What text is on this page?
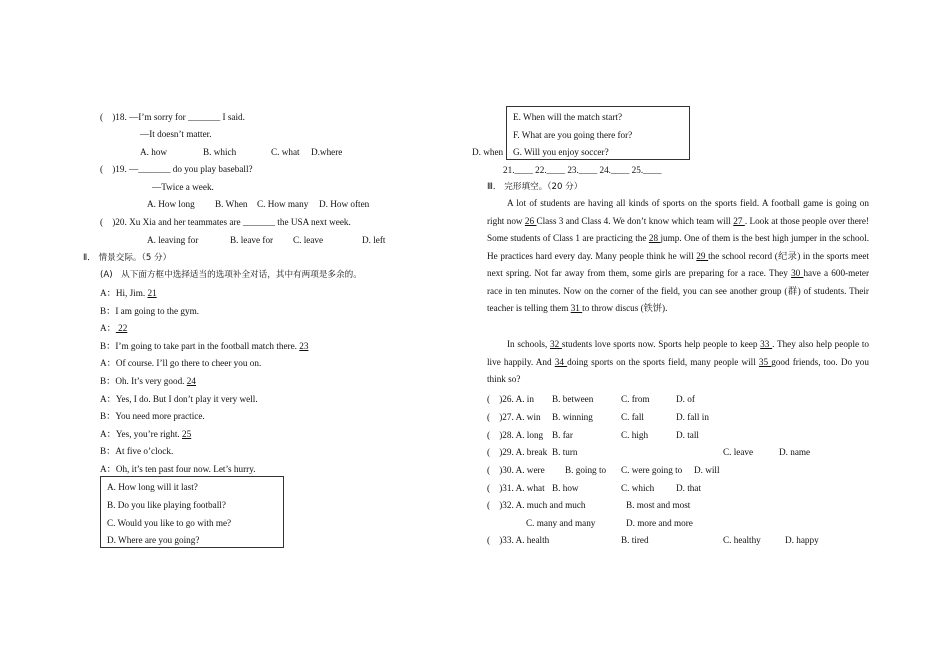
(　 )18. —I’m sorry for _______ I said.
—It doesn’t matter.
A. how	B. which	C. what D.where
(　)19. —_______ do you play baseball?
—Twice a week.
A. How long B. When C. How many D. How often
(　)20. Xu Xia and her teammates are _______ the USA next week.
A. leaving for	B. leave for C. leave	D. left
Ⅱ． 情景交际。（5 分）
(A)　从下面方框中选择适当的选项补全对话，其中有两项是多余的。
A：Hi, Jim. 21
B：I am going to the gym.
A： 22
B：I’m going to take part in the football match there. 23
A：Of course. I’ll go there to cheer you on.
B：Oh. It’s very good. 24
A：Yes, I do. But I don’t play it very well.
B：You need more practice.
A：Yes, you’re right. 25
B：At five o’clock.
A：Oh, it’s ten past four now. Let’s hurry.
A. How long will it last?
B. Do you like playing football?
C. Would you like to go with me?
D. Where are you going?
E. When will the match start?
F. What are you going there for?
G. Will you enjoy soccer?
D. when
21.____ 22.____ 23.____ 24.____ 25.____
Ⅲ． 完形填空。（20 分）
A lot of students are having all kinds of sports on the sports field. A football game is going on right now 26 Class 3 and Class 4. We don’t know which team will 27 . Look at those people over there! Some students of Class 1 are practicing the 28 jump. One of them is the best high jumper in the school. He practices hard every day. Many people think he will 29 the school record (纪录) in the sports meet next spring. Not far away from them, some girls are preparing for a race. They 30 have a 600-meter race in ten minutes. Now on the corner of the field, you can see another group (群) of students. Their teacher is telling them 31 to throw discus (铁饼).
In schools, 32 students love sports now. Sports help people to keep 33 . They also help people to live happily. And 34 doing sports on the sports field, many people will 35 good friends, too. Do you think so?
(　)26. A. in B. between	C. from	D. of
(　)27. A. win B. winning	C. fall	D. fall in
(　)28. A. long B. far	C. high	D. tall
(　)29. A. break B. turn	C. leave	D. name
(　)30. A. were B. going to C. were going to D. will
(　)31. A. what B. how	C. which D. that
(　)32. A. much and much	B. most and most
C. many and many	D. more and more
(　)33. A. health	B. tired	C. healthy	D. happy
